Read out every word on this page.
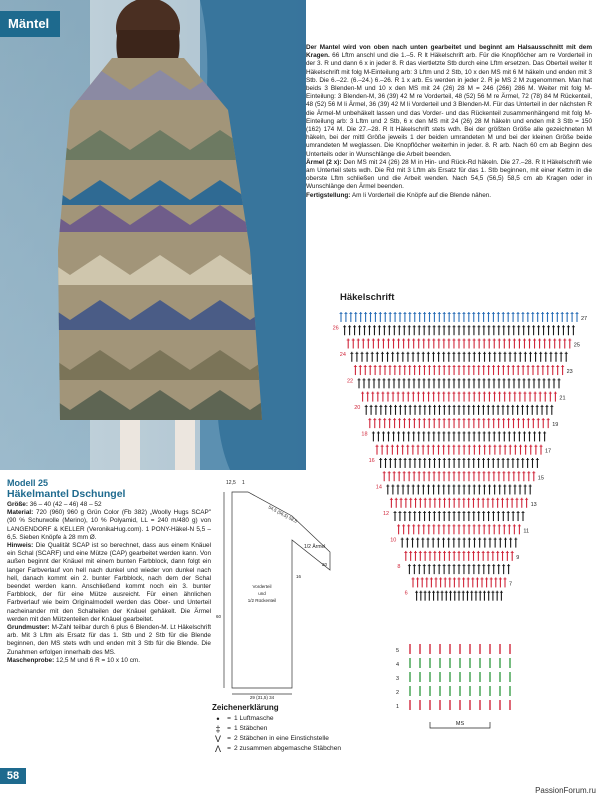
Mäntel

Der Mantel wird von oben nach unten gearbeitet und beginnt am Halsausschnitt mit dem Kragen. 66 Lftm anschl und die 1.–5. R lt Häkelschrift arb. Für die Knopflöcher am re Vorderteil in der 3. R und dann 6 x in jeder 8. R das viertletzte Stb durch eine Lftm ersetzen. Das Oberteil weiter lt Häkelschrift mit folg M-Einteilung arb: 3 Lftm und 2 Stb, 10 x den MS mit 6 M häkeln und enden mit 3 Stb. Die 6.–22. (6.–24.) 6.–26. R 1 x arb. Es werden in jeder 2. R je MS 2 M zugenommen. Man hat beids 3 Blenden-M und 10 x den MS mit 24 (26) 28 M = 246 (266) 286 M. Weiter mit folg M-Einteilung: 3 Blenden-M, 36 (39) 42 M re Vorderteil, 48 (52) 56 M re Ärmel, 72 (78) 84 M Rückenteil, 48 (52) 56 M li Ärmel, 36 (39) 42 M li Vorderteil und 3 Blenden-M. Für das Unterteil in der nächsten R die Ärmel-M unbehäkelt lassen und das Vorder- und das Rückenteil zusammenhängend mit folg M-Einteilung arb: 3 Lftm und 2 Stb, 6 x den MS mit 24 (26) 28 M häkeln und enden mit 3 Stb = 150 (162) 174 M. Die 27.–28. R lt Häkelschrift stets wdh. Bei der größten Größe alle gezeichneten M häkeln, bei der mittl Größe jeweils 1 der beiden umrandeten M und bei der kleinen Größe beide umrandeten M weglassen. Die Knopflöcher weiterhin in jeder. 8. R arb. Nach 60 cm ab Beginn des Unterteils oder in Wunschlänge die Arbeit beenden.

Ärmel (2 x): Den MS mit 24 (26) 28 M in Hin- und Rück-Rd häkeln. Die 27.–28. R lt Häkelschrift wie am Unterteil stets wdh. Die Rd mit 3 Lftm als Ersatz für das 1. Stb beginnen, mit einer Kettm in die oberste Lftm schließen und die Arbeit wenden. Nach 54,5 (56,5) 58,5 cm ab Kragen oder in Wunschlänge den Ärmel beenden.

Fertigstellung: Am li Vorderteil die Knöpfe auf die Blende nähen.

Häkelschrift
26
24
22
20
18
16
14
12
10
8
6
27
25
23
21
19
17
15
13
11
9
7
5
4
3
2
1
MS
Modell 25
Häkelmantel Dschungel

Größe: 36 – 40 (42 – 46) 48 – 52

Material: 720 (960) 960 g Grün Color (Fb 382) „Woolly Hugs SCAP" (90 % Schurwolle (Merino), 10 % Polyamid, LL = 240 m/480 g) von LANGENDORF & KELLER (VeronikaHug.com). 1 PONY-Häkel-N 5,5 – 6,5. Sieben Knöpfe à 28 mm Ø.

Hinweis: Die Qualität SCAP ist so berechnet, dass aus einem Knäuel ein Schal (SCARF) und eine Mütze (CAP) gearbeitet werden kann. Von außen beginnt der Knäuel mit einem bunten Farbblock, dann folgt ein langer Farbverlauf von hell nach dunkel und wieder von dunkel nach hell, danach kommt ein 2. bunter Farbblock, nach dem der Schal beendet werden kann. Anschließend kommt noch ein 3. bunter Farbblock, der für eine Mütze ausreicht. Für einen ähnlichen Farbverlauf wie beim Originalmodell werden das Ober- und Unterteil nacheinander mit den Schalteilen der Knäuel gehäkelt. Die Ärmel werden mit den Mützenteilen der Knäuel gearbeitet.

Grundmuster: M-Zahl teilbar durch 6 plus 6 Blenden-M. Lt Häkelschrift arb. Mit 3 Lftm als Ersatz für das 1. Stb und 2 Stb für die Blende beginnen, den MS stets wdh und enden mit 3 Stb für die Blende. Die Zunahmen erfolgen innerhalb des MS.

Maschenprobe: 12,5 M und 6 R = 10 x 10 cm.

12,5 1
54,5 (56,5) 58,5
1/2 Ärmel
Vorderteil
und
1/2 Rückenteil
29 (31,5) 34
60
20
16
Zeichenerklärung
•	= 1 Luftmasche
‡ = 1 Stäbchen
V = 2 Stäbchen in eine Einstichstelle
Λ = 2 zusammen abgemasche Stäbchen
58
PassionForum.ru
